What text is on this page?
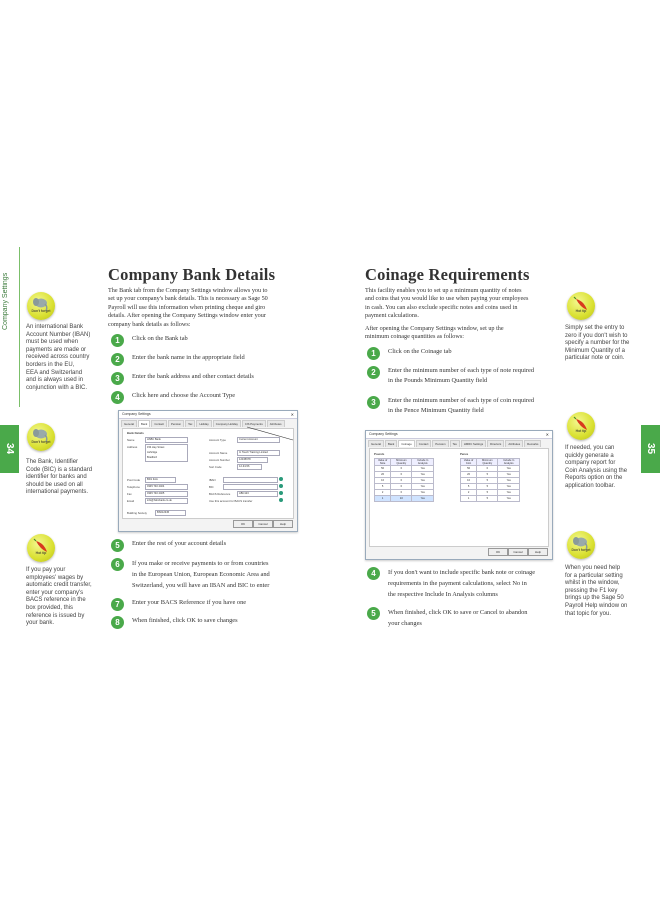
Company Settings
34	35
Company Bank Details
The Bank tab from the Company Settings window allows you to
set up your company's bank details. This is necessary as Sage 50
Payroll will use this information when printing cheque and giro
details. After opening the Company Settings window enter your
company bank details as follows:
1	Click on the Bank tab
2	Enter the bank name in the appropriate field
3	Enter the bank address and other contact details
4	Click here and choose the Account Type
Company Settings	✕
General	Bank	Contact	Pension	Tax	Holiday	Company Holiday	CIS Payments	Attributes
Bank Details
Name	HSBC Bank
Address	154 Hay Street
Ashridge
Bradford
Post Code	BD1 3AA
Telephone	0345 740 4404
Fax	0345 740 4405
Email	info@hsbcbank.co.uk
Building Society	BS012345
Account Type	Current Account
Account Name	In Touch Training Limited
Account Number	12345678
Sort Code	12-34-56
IBAN
BIC
BACS Reference	ABC123
Use this account for BACS transfer
OK	Cancel	Help
5	Enter the rest of your account details
6	If you make or receive payments to or from countries
in the European Union, European Economic Area and
Switzerland, you will have an IBAN and BIC to enter
7	Enter your BACS Reference if you have one
8	When finished, click OK to save changes
Don't forget
An international Bank
Account Number (IBAN)
must be used when
payments are made or
received across country
borders in the EU,
EEA and Switzerland
and is always used in
conjunction with a BIC.
Don't forget
The Bank, Identifier
Code (BIC) is a standard
identifier for banks and
should be used on all
international payments.
Hot tip
If you pay your
employees' wages by
automatic credit transfer,
enter your company's
BACS reference in the
box provided, this
reference is issued by
your bank.
Coinage Requirements
This facility enables you to set up a minimum quantity of notes
and coins that you would like to use when paying your employees
in cash. You can also exclude specific notes and coins used in
payment calculations.
After opening the Company Settings window, set up the
minimum coinage quantities as follows:
1	Click on the Coinage tab
2	Enter the minimum number of each type of note required
in the Pounds Minimum Quantity field
3	Enter the minimum number of each type of coin required
in the Pence Minimum Quantity field
Company Settings	✕
General	Bank	Coinage	Contact	Pension	Tax	HMRC Settings	Directors	Attributes	Remarks
Pounds	Pence
Value of Note	Minimum Quantity	Include In Analysis
50	0	Yes
20	0	Yes
10	0	Yes
5	0	Yes
2	0	Yes
1	10	Yes
Value of Coin	Minimum Quantity	Include In Analysis
50	0	Yes
20	5	Yes
10	5	Yes
5	5	Yes
2	5	Yes
1	5	Yes
OK	Cancel	Help
4	If you don't want to include specific bank note or coinage
requirements in the payment calculations, select No in
the respective Include In Analysis columns
5	When finished, click OK to save or Cancel to abandon
your changes
Hot tip
Simply set the entry to
zero if you don't wish to
specify a number for the
Minimum Quantity of a
particular note or coin.
Hot tip
If needed, you can
quickly generate a
company report for
Coin Analysis using the
Reports option on the
application toolbar.
Don't forget
When you need help
for a particular setting
whilst in the window,
pressing the F1 key
brings up the Sage 50
Payroll Help window on
that topic for you.
